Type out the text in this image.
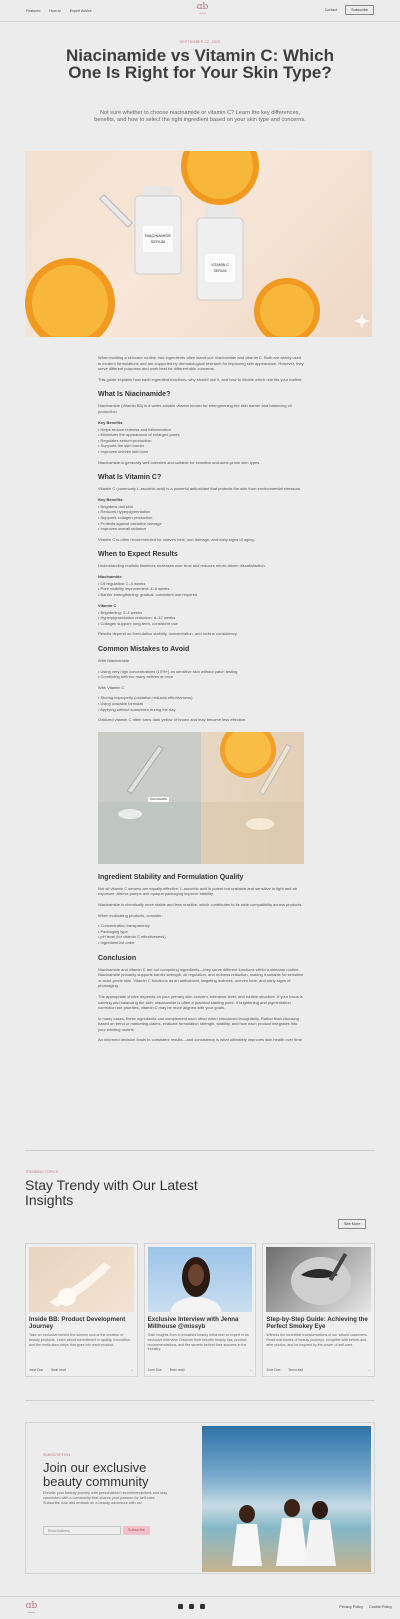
Featured	How-to	Expert Advice	ɑb
skin lab
Contact	Subscribe
SEPTEMBER 22, 2025
Niacinamide vs Vitamin C: Which One Is Right for Your Skin Type?
Not sure whether to choose niacinamide or vitamin C? Learn the key differences, benefits, and how to select the right ingredient based on your skin type and concerns.
NIACINAMIDE
SERUM
VITAMIN C
SERUM

When building a skincare routine, two ingredients often stand out: niacinamide and vitamin C. Both are widely used in modern formulations and are supported by dermatological research for improving skin appearance. However, they serve different purposes and work best for different skin concerns.

This guide explains how each ingredient functions, why should use it, and how to decide which one fits your routine.

What Is Niacinamide?

Niacinamide (Vitamin B3) is a water-soluble vitamin known for strengthening the skin barrier and balancing oil production.

Key Benefits:
• Helps reduce redness and inflammation
• Minimizes the appearance of enlarged pores
• Regulates sebum production
• Supports the skin barrier
• Improves uneven skin tone

Niacinamide is generally well tolerated and suitable for sensitive and acne-prone skin types.

What Is Vitamin C?

Vitamin C (commonly L-ascorbic acid) is a powerful antioxidant that protects the skin from environmental stressors.

Key Benefits:
• Brightens dull skin
• Reduces hyperpigmentation
• Supports collagen production
• Protects against oxidative damage
• Improves overall radiance

Vitamin C is often recommended for uneven tone, sun damage, and early signs of aging.

When to Expect Results

Understanding realistic timelines increases user trust and reduces return-driven dissatisfaction.

Niacinamide
• Oil regulation: 2–4 weeks
• Pore visibility improvement: 4–8 weeks
• Barrier strengthening: gradual, consistent use required
Vitamin C
• Brightening: 2–4 weeks
• Hyperpigmentation reduction: 8–12 weeks
• Collagen support: long-term, consistent use

Results depend on formulation stability, concentration, and routine consistency.

Common Mistakes to Avoid

With Niacinamide

• Using very high concentrations (10%+) on sensitive skin without patch testing
• Combining with too many actives at once

With Vitamin C

• Storing improperly (oxidation reduces effectiveness)
• Using unstable formulas
• Applying without sunscreen during the day

Oxidized vitamin C often turns dark yellow or brown and may become less effective.

NIACINAMIDE
Ingredient Stability and Formulation Quality

Not all vitamin C serums are equally effective. L-ascorbic acid is potent but unstable and sensitive to light and air exposure. Airless pumps and opaque packaging improve stability.

Niacinamide is chemically more stable and less reactive, which contributes to its wide compatibility across products.

When evaluating products, consider:

• Concentration transparency
• Packaging type
• pH level (for vitamin C effectiveness)
• Ingredient list order
Conclusion

Niacinamide and vitamin C are not competing ingredients—they serve different functions within a skincare routine. Niacinamide primarily supports barrier strength, oil regulation, and redness reduction, making it suitable for sensitive or acne-prone skin. Vitamin C functions as an antioxidant, targeting dullness, uneven tone, and early signs of photoaging.

The appropriate choice depends on your primary skin concern, tolerance level, and routine structure. If your focus is calming and balancing the skin, niacinamide is often a practical starting point. If brightening and pigmentation correction are priorities, vitamin C may be more aligned with your goals.

In many cases, these ingredients can complement each other when introduced thoughtfully. Rather than choosing based on trend or marketing claims, evaluate formulation strength, stability, and how each product integrates into your existing routine.

An informed decision leads to consistent results—and consistency is what ultimately improves skin health over time.

TRENDING TOPICS
Stay Trendy with Our Latest Insights
See More
Inside BB: Product Development Journey
Take an exclusive behind-the-scenes look at the creation of beauty products. Learn about commitment to quality, innovation, and the meticulous steps that goes into each product.
Jone Doe 5min read	→
Exclusive Interview with Jenna Millhouse @missyb
Gain insights from a renowned beauty influencer or expert in an exclusive interview. Discover their favorite beauty tips, product recommendations, and the secrets behind their success in the industry.
Jone Doe 5min read	→
Step-by-Step Guide: Achieving the Perfect Smokey Eye
Witness the incredible transformations of our valued customers. Read real stories of beauty journeys, complete with before-and-after photos, and be inspired by the power of self-care.
Jone Doe 5min read	→
SUBSCRIPTION
Join our exclusive beauty community
Elevate your beauty journey with personalized recommendations and stay connected with a community that shares your passion for self-care. Subscribe now and embark on a beauty adventure with us!
Email Address	Subscribe
ɑb
skin lab
Privacy Policy Cookie Policy
